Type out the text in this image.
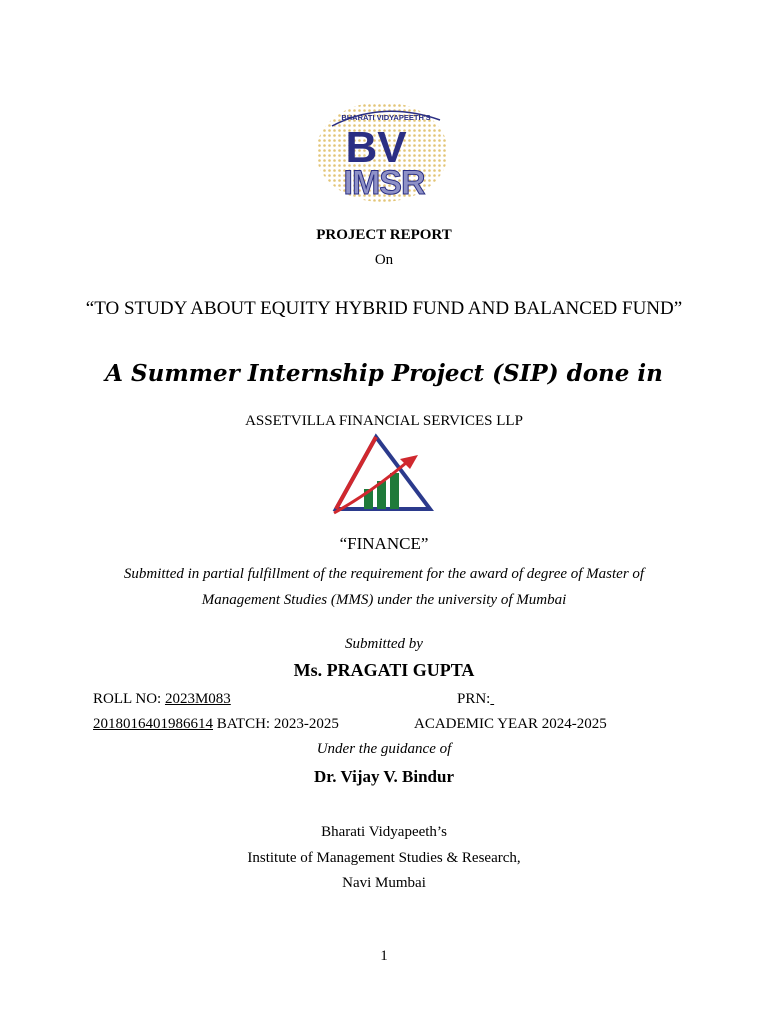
BHARATI VIDYAPEETH'S
BV
IMSR
PROJECT REPORT
On
“TO STUDY ABOUT EQUITY HYBRID FUND AND BALANCED FUND”
A Summer Internship Project (SIP) done in
ASSETVILLA FINANCIAL SERVICES LLP
“FINANCE”
Submitted in partial fulfillment of the requirement for the award of degree of Master of Management Studies (MMS) under the university of Mumbai
Submitted by
Ms. PRAGATI GUPTA
ROLL NO: 2023M083	PRN:
2018016401986614 BATCH: 2023-2025	ACADEMIC YEAR 2024-2025
Under the guidance of
Dr. Vijay V. Bindur
Bharati Vidyapeeth’s
Institute of Management Studies & Research,
Navi Mumbai
1
